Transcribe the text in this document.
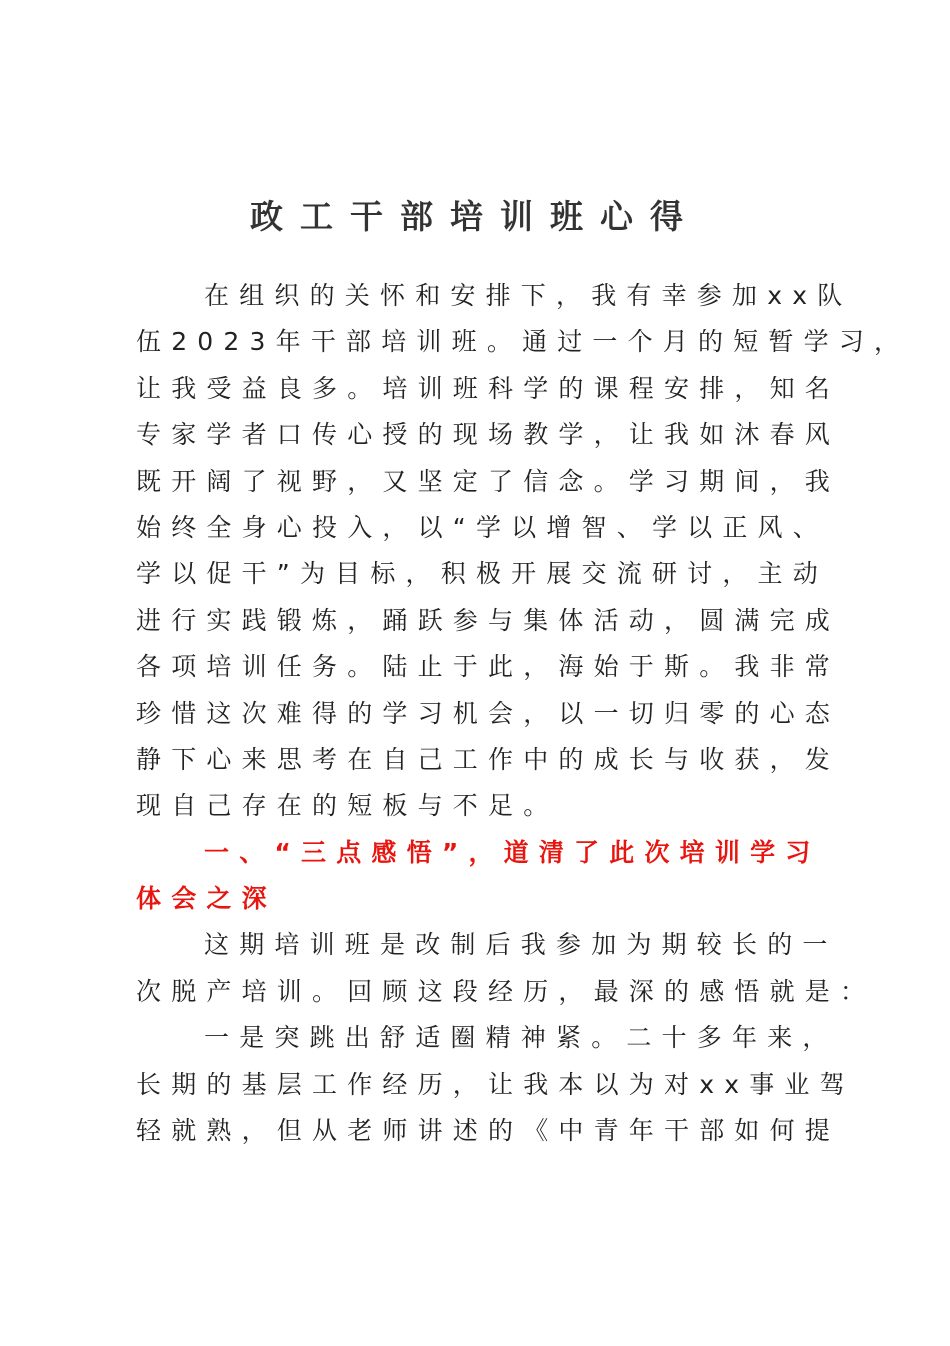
政工干部培训班心得
在组织的关怀和安排下，我有幸参加xx队
伍2023年干部培训班。通过一个月的短暂学习，
让我受益良多。培训班科学的课程安排，知名
专家学者口传心授的现场教学，让我如沐春风
既开阔了视野，又坚定了信念。学习期间，我
始终全身心投入，以“学以增智、学以正风、
学以促干”为目标，积极开展交流研讨，主动
进行实践锻炼，踊跃参与集体活动，圆满完成
各项培训任务。陆止于此，海始于斯。我非常
珍惜这次难得的学习机会，以一切归零的心态
静下心来思考在自己工作中的成长与收获，发
现自己存在的短板与不足。
一、“三点感悟”，道清了此次培训学习
体会之深
这期培训班是改制后我参加为期较长的一
次脱产培训。回顾这段经历，最深的感悟就是：
一是突跳出舒适圈精神紧。二十多年来，
长期的基层工作经历，让我本以为对xx事业驾
轻就熟，但从老师讲述的《中青年干部如何提
